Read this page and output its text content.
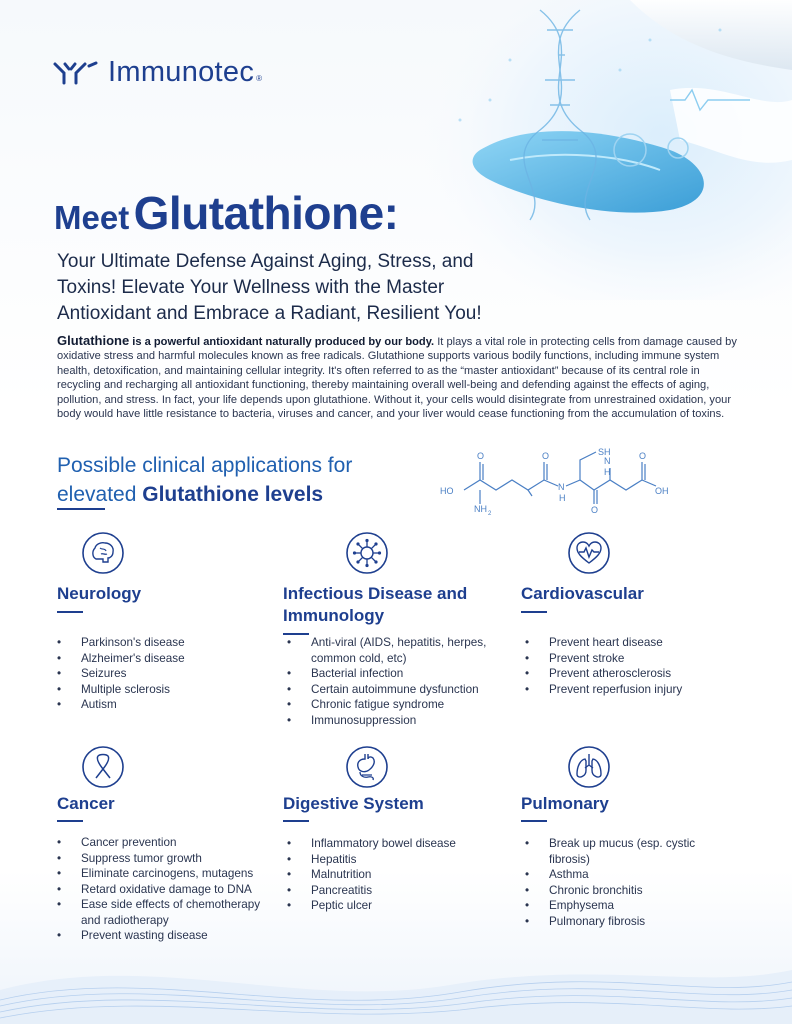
Immunotec ®
Meet Glutathione:
Your Ultimate Defense Against Aging, Stress, and Toxins! Elevate Your Wellness with the Master Antioxidant and Embrace a Radiant, Resilient You!
Glutathione is a powerful antioxidant naturally produced by our body. It plays a vital role in protecting cells from damage caused by oxidative stress and harmful molecules known as free radicals. Glutathione supports various bodily functions, including immune system health, detoxification, and maintaining cellular integrity. It's often referred to as the “master antioxidant” because of its central role in recycling and recharging all antioxidant functioning, thereby maintaining overall well-being and defending against the effects of aging, pollution, and stress. In fact, your life depends upon glutathione. Without it, your cells would disintegrate from unrestrained oxidation, your body would have little resistance to bacteria, viruses and cancer, and your liver would cease functioning from the accumulation of toxins.
Possible clinical applications for
elevated Glutathione levels
O
HO
NH 2
O
N
H
SH
N
H
O
O
OH
Neurology
• Parkinson's disease
• Alzheimer's disease
• Seizures
• Multiple sclerosis
• Autism
Infectious Disease and Immunology
• Anti-viral (AIDS, hepatitis, herpes, common cold, etc)
• Bacterial infection
• Certain autoimmune dysfunction
• Chronic fatigue syndrome
• Immunosuppression
Cardiovascular
• Prevent heart disease
• Prevent stroke
• Prevent atherosclerosis
• Prevent reperfusion injury
Cancer
• Cancer prevention
• Suppress tumor growth
• Eliminate carcinogens, mutagens
• Retard oxidative damage to DNA
• Ease side effects of chemotherapy and radiotherapy
• Prevent wasting disease
Digestive System
• Inflammatory bowel disease
• Hepatitis
• Malnutrition
• Pancreatitis
• Peptic ulcer
Pulmonary
• Break up mucus (esp. cystic fibrosis)
• Asthma
• Chronic bronchitis
• Emphysema
• Pulmonary fibrosis
